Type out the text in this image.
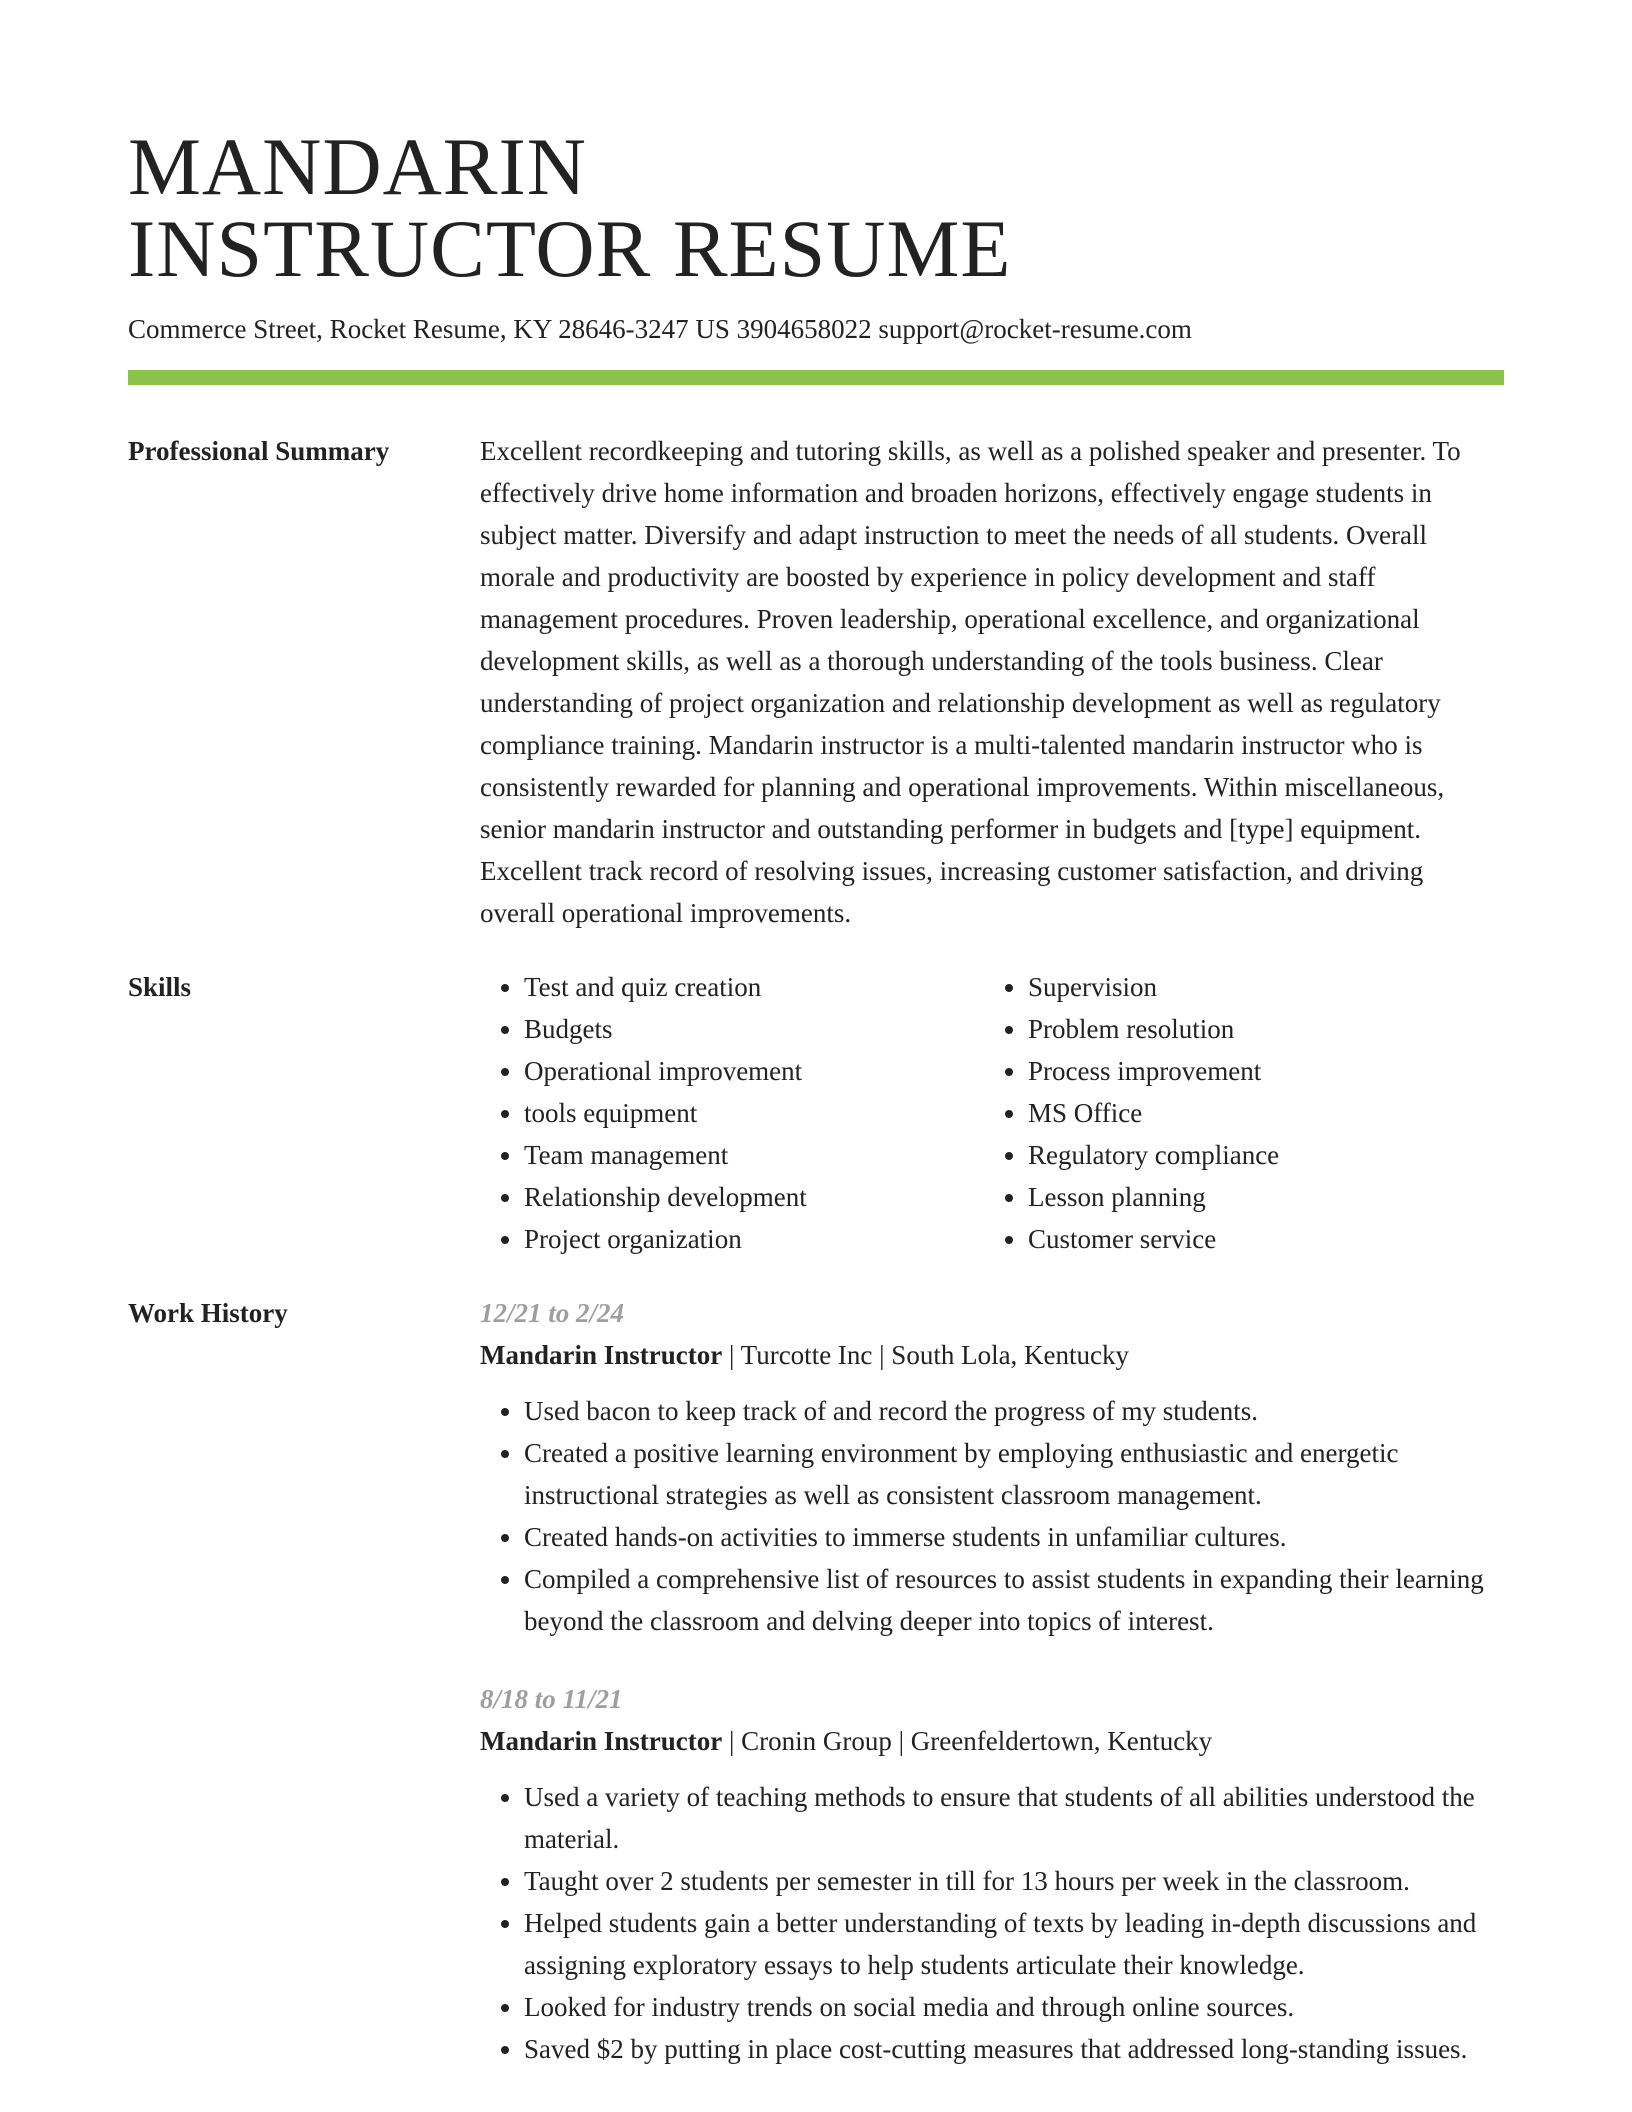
MANDARIN
INSTRUCTOR RESUME
Commerce Street, Rocket Resume, KY 28646-3247 US 3904658022 support@rocket-resume.com
Professional Summary	Excellent recordkeeping and tutoring skills, as well as a polished speaker and presenter. To effectively drive home information and broaden horizons, effectively engage students in subject matter. Diversify and adapt instruction to meet the needs of all students. Overall morale and productivity are boosted by experience in policy development and staff management procedures. Proven leadership, operational excellence, and organizational development skills, as well as a thorough understanding of the tools business. Clear understanding of project organization and relationship development as well as regulatory compliance training. Mandarin instructor is a multi-talented mandarin instructor who is consistently rewarded for planning and operational improvements. Within miscellaneous, senior mandarin instructor and outstanding performer in budgets and [type] equipment. Excellent track record of resolving issues, increasing customer satisfaction, and driving overall operational improvements.

Skills
•	Test and quiz creation
• Budgets
• Operational improvement
• tools equipment
• Team management
• Relationship development
• Project organization
• Supervision
• Problem resolution
• Process improvement
• MS Office
• Regulatory compliance
• Lesson planning
• Customer service
Work History	12/21 to 2/24
Mandarin Instructor | Turcotte Inc | South Lola, Kentucky
• Used bacon to keep track of and record the progress of my students.
• Created a positive learning environment by employing enthusiastic and energetic instructional strategies as well as consistent classroom management.
• Created hands-on activities to immerse students in unfamiliar cultures.
• Compiled a comprehensive list of resources to assist students in expanding their learning beyond the classroom and delving deeper into topics of interest.
8/18 to 11/21
Mandarin Instructor | Cronin Group | Greenfeldertown, Kentucky
• Used a variety of teaching methods to ensure that students of all abilities understood the material.
• Taught over 2 students per semester in till for 13 hours per week in the classroom.
• Helped students gain a better understanding of texts by leading in-depth discussions and assigning exploratory essays to help students articulate their knowledge.
• Looked for industry trends on social media and through online sources.
• Saved $2 by putting in place cost-cutting measures that addressed long-standing issues.
